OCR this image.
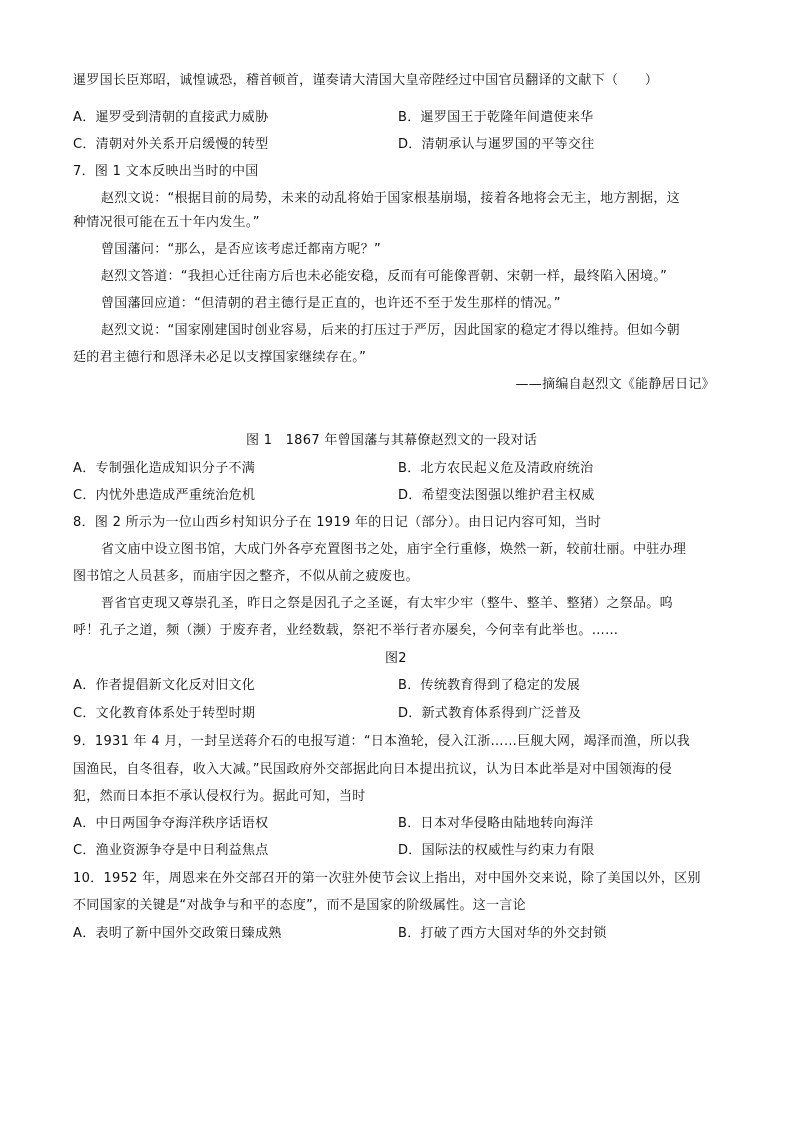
暹罗国长臣郑昭，诚惶诚恐，稽首顿首，谨奏请大清国大皇帝陛经过中国官员翻译的文献下（　　）
A．暹罗受到清朝的直接武力威胁	B．暹罗国王于乾隆年间遣使来华
C．清朝对外关系开启缓慢的转型	D．清朝承认与暹罗国的平等交往
7．图 1 文本反映出当时的中国
赵烈文说：“根据目前的局势，未来的动乱将始于国家根基崩塌，接着各地将会无主，地方割据，这
种情况很可能在五十年内发生。”
曾国藩问：“那么，是否应该考虑迁都南方呢？”
赵烈文答道：“我担心迁往南方后也未必能安稳，反而有可能像晋朝、宋朝一样，最终陷入困境。”
曾国藩回应道：“但清朝的君主德行是正直的，也许还不至于发生那样的情况。”
赵烈文说：“国家刚建国时创业容易，后来的打压过于严厉，因此国家的稳定才得以维持。但如今朝
廷的君主德行和恩泽未必足以支撑国家继续存在。”
——摘编自赵烈文《能静居日记》
图 1　1867 年曾国藩与其幕僚赵烈文的一段对话
A．专制强化造成知识分子不满	B．北方农民起义危及清政府统治
C．内忧外患造成严重统治危机	D．希望变法图强以维护君主权威
8．图 2 所示为一位山西乡村知识分子在 1919 年的日记（部分）。由日记内容可知，当时
省文庙中设立图书馆，大成门外各亭充置图书之处，庙宇全行重修，焕然一新，较前壮丽。中驻办理
图书馆之人员甚多，而庙宇因之整齐，不似从前之疲废也。
晋省官吏现又尊崇孔圣，昨日之祭是因孔子之圣诞，有太牢少牢（整牛、整羊、整猪）之祭品。呜
呼！孔子之道，频（濒）于废弃者，业经数载，祭祀不举行者亦屡矣，今何幸有此举也。……
图2
A．作者提倡新文化反对旧文化	B．传统教育得到了稳定的发展
C．文化教育体系处于转型时期	D．新式教育体系得到广泛普及
9．1931 年 4 月，一封呈送蒋介石的电报写道：“日本渔轮，侵入江浙……巨舰大网，竭泽而渔，所以我
国渔民，自冬徂春，收入大减。”民国政府外交部据此向日本提出抗议，认为日本此举是对中国领海的侵
犯，然而日本拒不承认侵权行为。据此可知，当时
A．中日两国争夺海洋秩序话语权	B．日本对华侵略由陆地转向海洋
C．渔业资源争夺是中日利益焦点	D．国际法的权威性与约束力有限
10．1952 年，周恩来在外交部召开的第一次驻外使节会议上指出，对中国外交来说，除了美国以外，区别
不同国家的关键是“对战争与和平的态度”，而不是国家的阶级属性。这一言论
A．表明了新中国外交政策日臻成熟	B．打破了西方大国对华的外交封锁
